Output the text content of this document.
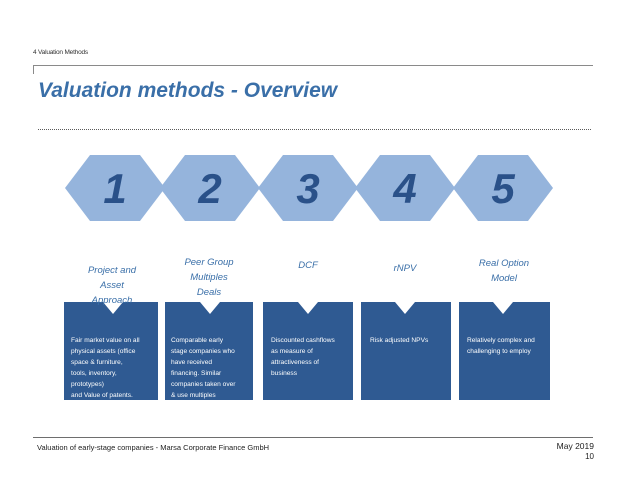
4 Valuation Methods
Valuation methods - Overview
1 2 3 4 5
Project and
Asset
Approach
Peer Group
Multiples
Deals
DCF	rNPV	Real Option
Model
Fair market value on all
physical assets (office
space & furniture,
tools, inventory,
prototypes)
and Value of patents.
Comparable early
stage companies who
have received
financing. Similar
companies taken over
& use multiples
Discounted cashflows
as measure of
attractiveness of
business
Risk adjusted NPVs	Relatively complex and
challenging to employ
Valuation of early-stage companies - Marsa Corporate Finance GmbH	May 2019
10
